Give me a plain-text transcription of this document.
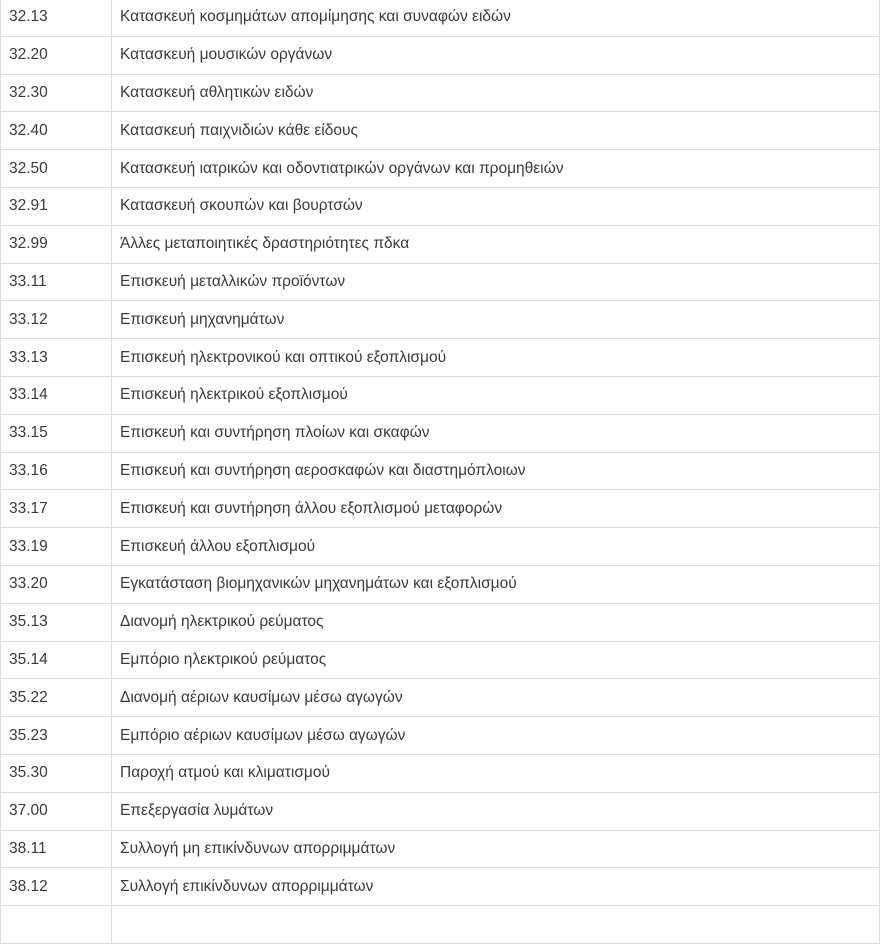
32.13	Κατασκευή κοσμημάτων απομίμησης και συναφών ειδών
32.20	Κατασκευή μουσικών οργάνων
32.30	Κατασκευή αθλητικών ειδών
32.40	Κατασκευή παιχνιδιών κάθε είδους
32.50	Κατασκευή ιατρικών και οδοντιατρικών οργάνων και προμηθειών
32.91	Κατασκευή σκουπών και βουρτσών
32.99	Άλλες μεταποιητικές δραστηριότητες πδκα
33.11	Επισκευή μεταλλικών προϊόντων
33.12	Επισκευή μηχανημάτων
33.13	Επισκευή ηλεκτρονικού και οπτικού εξοπλισμού
33.14	Επισκευή ηλεκτρικού εξοπλισμού
33.15	Επισκευή και συντήρηση πλοίων και σκαφών
33.16	Επισκευή και συντήρηση αεροσκαφών και διαστημόπλοιων
33.17	Επισκευή και συντήρηση άλλου εξοπλισμού μεταφορών
33.19	Επισκευή άλλου εξοπλισμού
33.20	Εγκατάσταση βιομηχανικών μηχανημάτων και εξοπλισμού
35.13	Διανομή ηλεκτρικού ρεύματος
35.14	Εμπόριο ηλεκτρικού ρεύματος
35.22	Διανομή αέριων καυσίμων μέσω αγωγών
35.23	Εμπόριο αέριων καυσίμων μέσω αγωγών
35.30	Παροχή ατμού και κλιματισμού
37.00	Επεξεργασία λυμάτων
38.11	Συλλογή μη επικίνδυνων απορριμμάτων
38.12	Συλλογή επικίνδυνων απορριμμάτων
